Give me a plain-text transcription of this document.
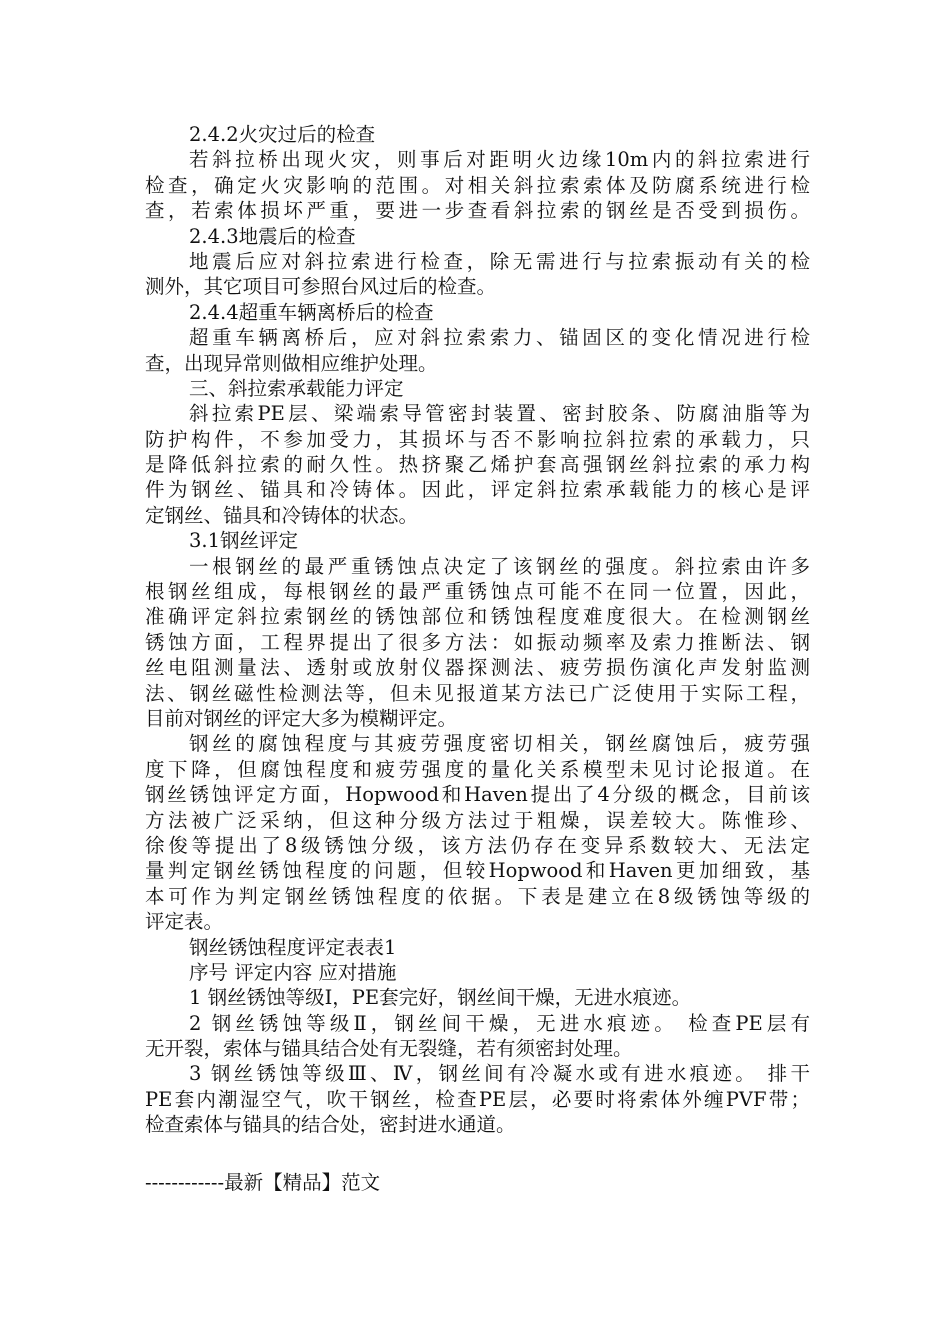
2.4.2火灾过后的检查
若斜拉桥出现火灾，则事后对距明火边缘10m内的斜拉索进行
检查，确定火灾影响的范围。对相关斜拉索索体及防腐系统进行检
查，若索体损坏严重，要进一步查看斜拉索的钢丝是否受到损伤。
2.4.3地震后的检查
地震后应对斜拉索进行检查，除无需进行与拉索振动有关的检
测外，其它项目可参照台风过后的检查。
2.4.4超重车辆离桥后的检查
超重车辆离桥后，应对斜拉索索力、锚固区的变化情况进行检
查，出现异常则做相应维护处理。
三、斜拉索承载能力评定
斜拉索PE层、梁端索导管密封装置、密封胶条、防腐油脂等为
防护构件，不参加受力，其损坏与否不影响拉斜拉索的承载力，只
是降低斜拉索的耐久性。热挤聚乙烯护套高强钢丝斜拉索的承力构
件为钢丝、锚具和冷铸体。因此，评定斜拉索承载能力的核心是评
定钢丝、锚具和冷铸体的状态。
3.1钢丝评定
一根钢丝的最严重锈蚀点决定了该钢丝的强度。斜拉索由许多
根钢丝组成，每根钢丝的最严重锈蚀点可能不在同一位置，因此，
准确评定斜拉索钢丝的锈蚀部位和锈蚀程度难度很大。在检测钢丝
锈蚀方面，工程界提出了很多方法：如振动频率及索力推断法、钢
丝电阻测量法、透射或放射仪器探测法、疲劳损伤演化声发射监测
法、钢丝磁性检测法等，但未见报道某方法已广泛使用于实际工程，
目前对钢丝的评定大多为模糊评定。
钢丝的腐蚀程度与其疲劳强度密切相关，钢丝腐蚀后，疲劳强
度下降，但腐蚀程度和疲劳强度的量化关系模型未见讨论报道。在
钢丝锈蚀评定方面，Hopwood和Haven提出了4分级的概念，目前该
方法被广泛采纳，但这种分级方法过于粗燥，误差较大。陈惟珍、
徐俊等提出了8级锈蚀分级，该方法仍存在变异系数较大、无法定
量判定钢丝锈蚀程度的问题，但较Hopwood和Haven更加细致，基
本可作为判定钢丝锈蚀程度的依据。下表是建立在8级锈蚀等级的
评定表。
钢丝锈蚀程度评定表表1
序号 评定内容 应对措施
1 钢丝锈蚀等级Ⅰ，PE套完好，钢丝间干燥，无进水痕迹。
2 钢丝锈蚀等级Ⅱ，钢丝间干燥，无进水痕迹。 检查PE层有
无开裂，索体与锚具结合处有无裂缝，若有须密封处理。
3 钢丝锈蚀等级Ⅲ、Ⅳ，钢丝间有冷凝水或有进水痕迹。 排干
PE套内潮湿空气，吹干钢丝，检查PE层，必要时将索体外缠PVF带；
检查索体与锚具的结合处，密封进水通道。
------------最新【精品】范文
